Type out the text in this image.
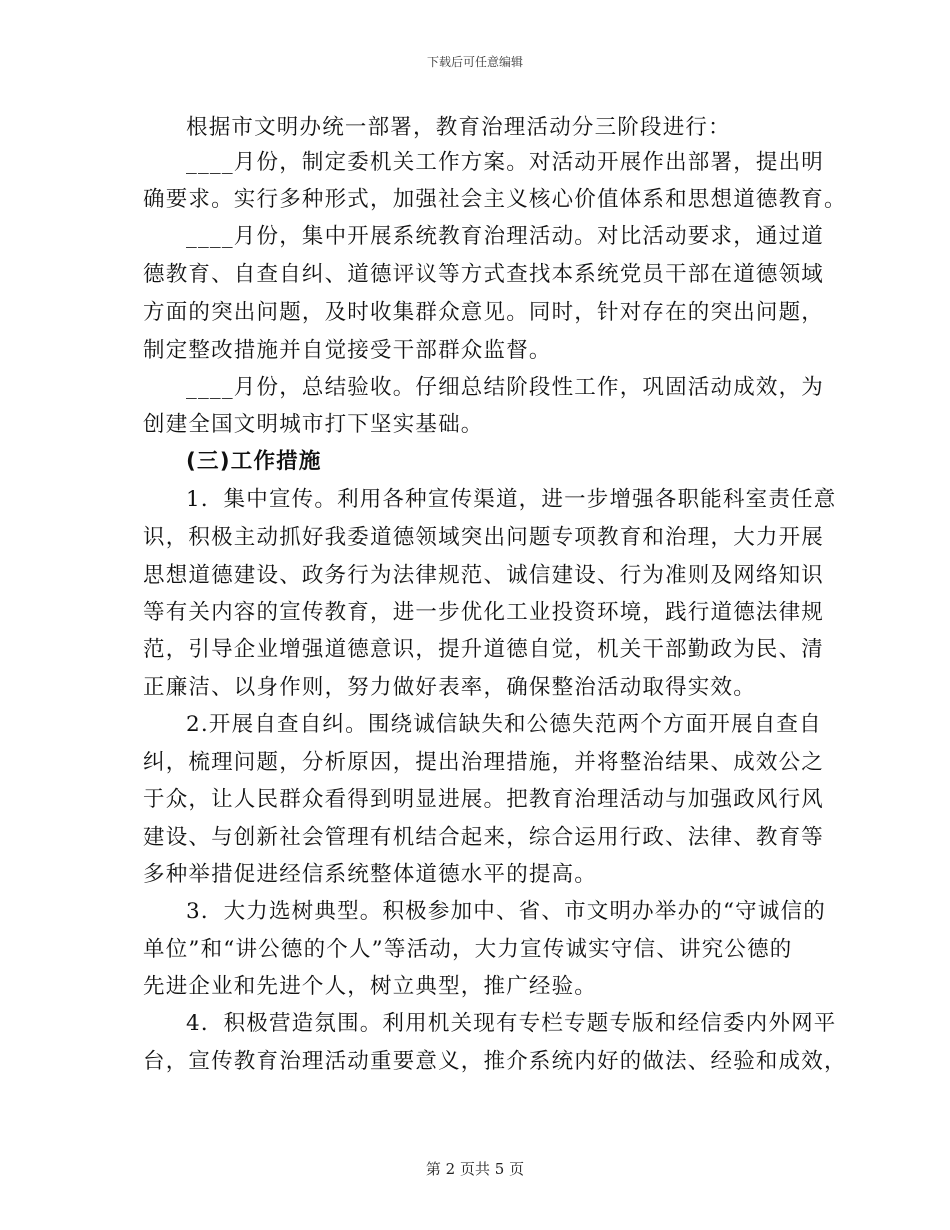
下载后可任意编辑
根据市文明办统一部署，教育治理活动分三阶段进行：
____月份，制定委机关工作方案。对活动开展作出部署，提出明
确要求。实行多种形式，加强社会主义核心价值体系和思想道德教育。
____月份，集中开展系统教育治理活动。对比活动要求，通过道
德教育、自查自纠、道德评议等方式查找本系统党员干部在道德领域
方面的突出问题，及时收集群众意见。同时，针对存在的突出问题，
制定整改措施并自觉接受干部群众监督。
____月份，总结验收。仔细总结阶段性工作，巩固活动成效，为
创建全国文明城市打下坚实基础。
(三)工作措施
1．集中宣传。利用各种宣传渠道，进一步增强各职能科室责任意
识，积极主动抓好我委道德领域突出问题专项教育和治理，大力开展
思想道德建设、政务行为法律规范、诚信建设、行为准则及网络知识
等有关内容的宣传教育，进一步优化工业投资环境，践行道德法律规
范，引导企业增强道德意识，提升道德自觉，机关干部勤政为民、清
正廉洁、以身作则，努力做好表率，确保整治活动取得实效。
2.开展自查自纠。围绕诚信缺失和公德失范两个方面开展自查自
纠，梳理问题，分析原因，提出治理措施，并将整治结果、成效公之
于众，让人民群众看得到明显进展。把教育治理活动与加强政风行风
建设、与创新社会管理有机结合起来，综合运用行政、法律、教育等
多种举措促进经信系统整体道德水平的提高。
3．大力选树典型。积极参加中、省、市文明办举办的“守诚信的
单位”和“讲公德的个人”等活动，大力宣传诚实守信、讲究公德的
先进企业和先进个人，树立典型，推广经验。
4．积极营造氛围。利用机关现有专栏专题专版和经信委内外网平
台，宣传教育治理活动重要意义，推介系统内好的做法、经验和成效，
第 2 页共 5 页
